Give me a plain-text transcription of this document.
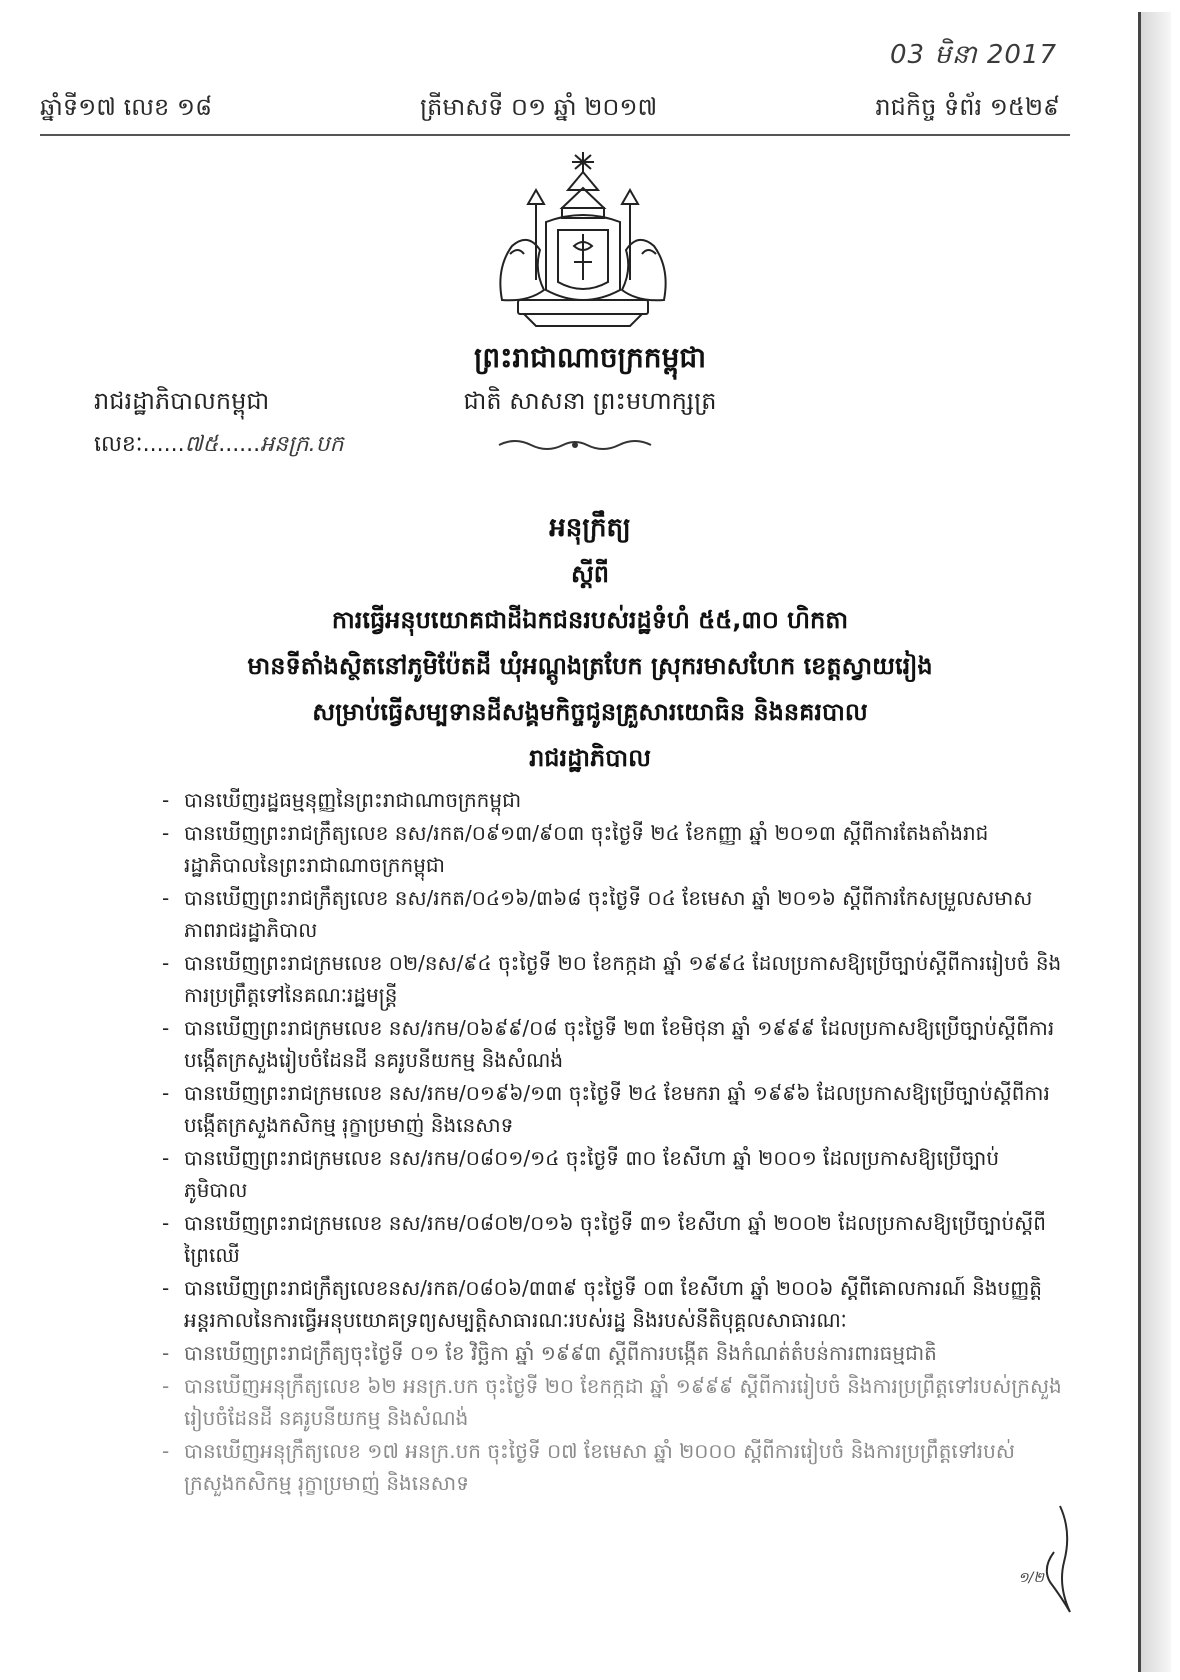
03 មិនា 2017
ឆ្នាំទី១៧ លេខ ១៨	ត្រីមាសទី ០១ ឆ្នាំ ២០១៧	រាជកិច្ច ទំព័រ ១៥២៩
ព្រះរាជាណាចក្រកម្ពុជា
ជាតិ សាសនា ព្រះមហាក្សត្រ
រាជរដ្ឋាភិបាលកម្ពុជា
លេខៈ......៧៥......អនក្រ.បក

អនុក្រឹត្យ

ស្តីពី

ការធ្វើអនុបយោគជាដីឯកជនរបស់រដ្ឋទំហំ ៥៥,៣០ ហិកតា

មានទីតាំងស្ថិតនៅភូមិប៉ែតដី ឃុំអណ្ដូងត្របែក ស្រុករមាសហែក ខេត្តស្វាយរៀង

សម្រាប់ធ្វើសម្បទានដីសង្គមកិច្ចជូនគ្រួសារយោធិន និងនគរបាល

រាជរដ្ឋាភិបាល

- បានឃើញរដ្ឋធម្មនុញ្ញនៃព្រះរាជាណាចក្រកម្ពុជា
- បានឃើញព្រះរាជក្រឹត្យលេខ នស/រកត/០៩១៣/៩០៣ ចុះថ្ងៃទី ២៤ ខែកញ្ញា ឆ្នាំ ២០១៣ ស្តីពីការតែងតាំងរាជរដ្ឋាភិបាលនៃព្រះរាជាណាចក្រកម្ពុជា
- បានឃើញព្រះរាជក្រឹត្យលេខ នស/រកត/០៤១៦/៣៦៨ ចុះថ្ងៃទី ០៤ ខែមេសា ឆ្នាំ ២០១៦ ស្តីពីការកែសម្រួលសមាសភាពរាជរដ្ឋាភិបាល
- បានឃើញព្រះរាជក្រមលេខ ០២/នស/៩៤ ចុះថ្ងៃទី ២០ ខែកក្កដា ឆ្នាំ ១៩៩៤ ដែលប្រកាសឱ្យប្រើច្បាប់ស្តីពីការរៀបចំ និងការប្រព្រឹត្តទៅនៃគណៈរដ្ឋមន្ត្រី
- បានឃើញព្រះរាជក្រមលេខ នស/រកម/០៦៩៩/០៨ ចុះថ្ងៃទី ២៣ ខែមិថុនា ឆ្នាំ ១៩៩៩ ដែលប្រកាសឱ្យប្រើច្បាប់ស្តីពីការបង្កើតក្រសួងរៀបចំដែនដី នគរូបនីយកម្ម និងសំណង់
- បានឃើញព្រះរាជក្រមលេខ នស/រកម/០១៩៦/១៣ ចុះថ្ងៃទី ២៤ ខែមករា ឆ្នាំ ១៩៩៦ ដែលប្រកាសឱ្យប្រើច្បាប់ស្តីពីការបង្កើតក្រសួងកសិកម្ម រុក្ខាប្រមាញ់ និងនេសាទ
- បានឃើញព្រះរាជក្រមលេខ នស/រកម/០៨០១/១៤ ចុះថ្ងៃទី ៣០ ខែសីហា ឆ្នាំ ២០០១ ដែលប្រកាសឱ្យប្រើច្បាប់ភូមិបាល
- បានឃើញព្រះរាជក្រមលេខ នស/រកម/០៨០២/០១៦ ចុះថ្ងៃទី ៣១ ខែសីហា ឆ្នាំ ២០០២ ដែលប្រកាសឱ្យប្រើច្បាប់ស្តីពីព្រៃឈើ
- បានឃើញព្រះរាជក្រឹត្យលេខនស/រកត/០៨០៦/៣៣៩ ចុះថ្ងៃទី ០៣ ខែសីហា ឆ្នាំ ២០០៦ ស្តីពីគោលការណ៍ និងបញ្ញត្តិអន្តរកាលនៃការធ្វើអនុបយោគទ្រព្យសម្បត្តិសាធារណៈរបស់រដ្ឋ និងរបស់នីតិបុគ្គលសាធារណៈ
- បានឃើញព្រះរាជក្រឹត្យចុះថ្ងៃទី ០១ ខែ វិច្ឆិកា ឆ្នាំ ១៩៩៣ ស្តីពីការបង្កើត និងកំណត់តំបន់ការពារធម្មជាតិ
- បានឃើញអនុក្រឹត្យលេខ ៦២ អនក្រ.បក ចុះថ្ងៃទី ២០ ខែកក្កដា ឆ្នាំ ១៩៩៩ ស្តីពីការរៀបចំ និងការប្រព្រឹត្តទៅរបស់ក្រសួងរៀបចំដែនដី នគរូបនីយកម្ម និងសំណង់
- បានឃើញអនុក្រឹត្យលេខ ១៧ អនក្រ.បក ចុះថ្ងៃទី ០៧ ខែមេសា ឆ្នាំ ២០០០ ស្តីពីការរៀបចំ និងការប្រព្រឹត្តទៅរបស់ក្រសួងកសិកម្ម រុក្ខាប្រមាញ់ និងនេសាទ
១/២
